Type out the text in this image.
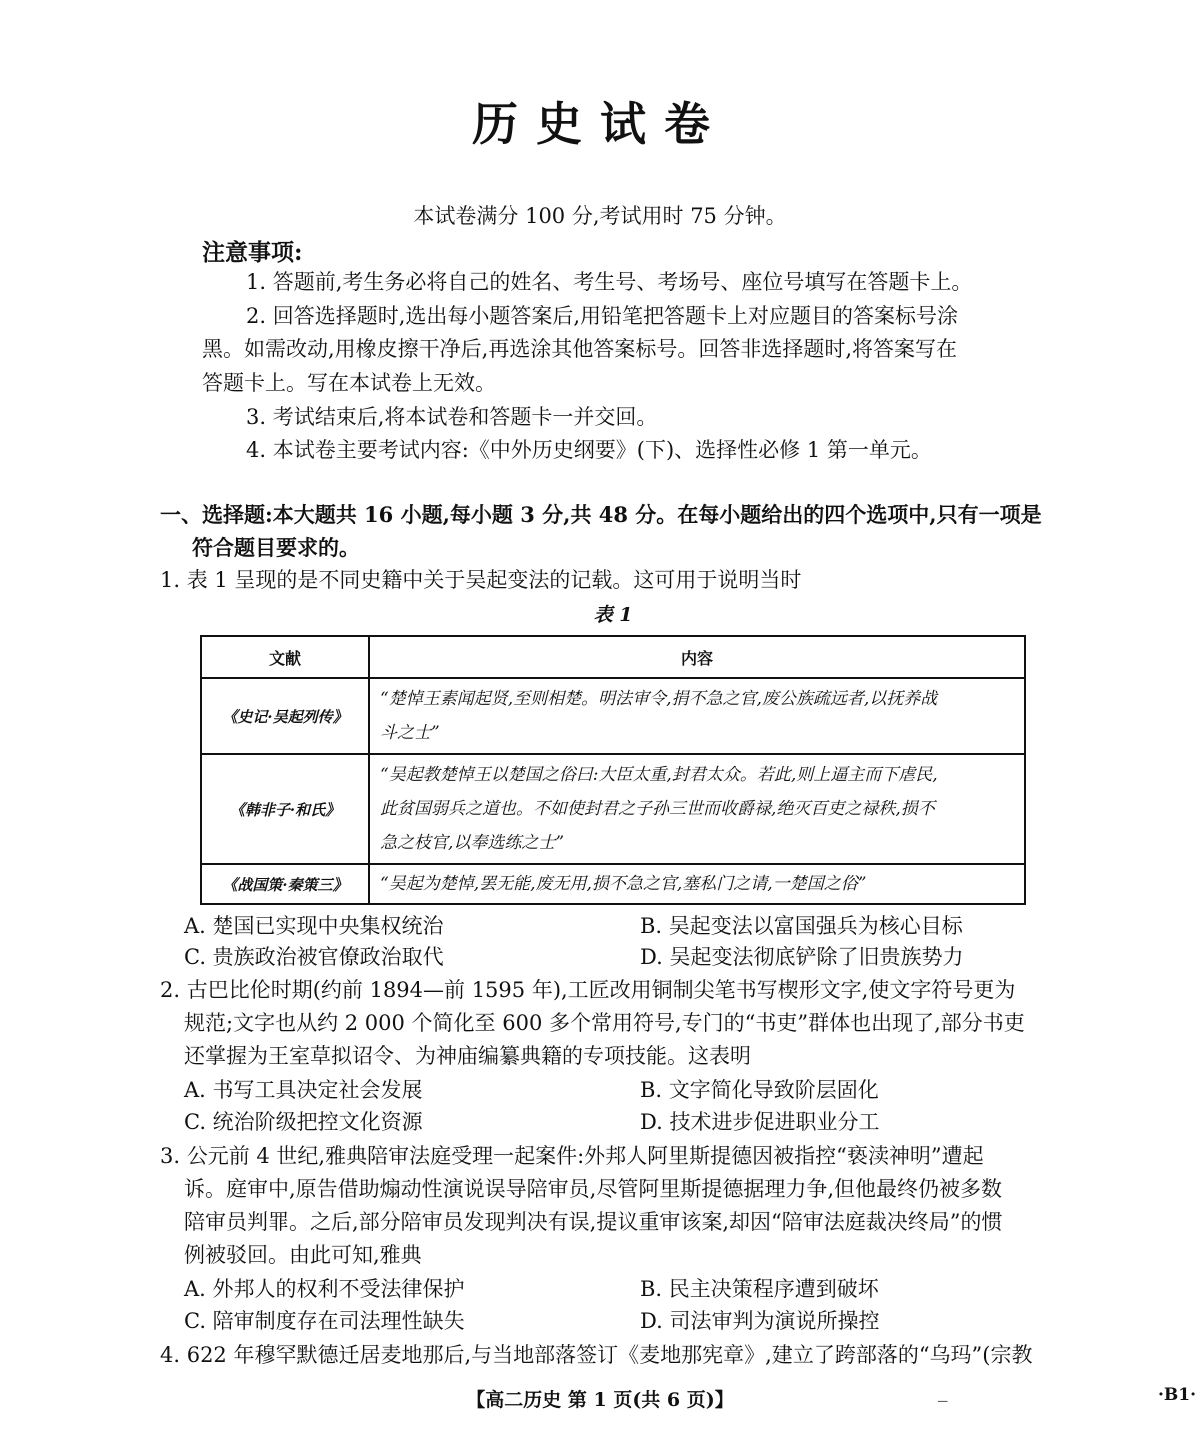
历史试卷
本试卷满分 100 分,考试用时 75 分钟。
注意事项:
1. 答题前,考生务必将自己的姓名、考生号、考场号、座位号填写在答题卡上。
2. 回答选择题时,选出每小题答案后,用铅笔把答题卡上对应题目的答案标号涂
黑。如需改动,用橡皮擦干净后,再选涂其他答案标号。回答非选择题时,将答案写在
答题卡上。写在本试卷上无效。
3. 考试结束后,将本试卷和答题卡一并交回。
4. 本试卷主要考试内容:《中外历史纲要》(下)、选择性必修 1 第一单元。
一、选择题:本大题共 16 小题,每小题 3 分,共 48 分。在每小题给出的四个选项中,只有一项是
符合题目要求的。
1. 表 1 呈现的是不同史籍中关于吴起变法的记载。这可用于说明当时
表 1
文献	内容
《史记·吴起列传》	“楚悼王素闻起贤,至则相楚。明法审令,捐不急之官,废公族疏远者,以抚养战
斗之士”

《韩非子·和氏》	“吴起教楚悼王以楚国之俗曰:大臣太重,封君太众。若此,则上逼主而下虐民,
此贫国弱兵之道也。不如使封君之子孙三世而收爵禄,绝灭百吏之禄秩,损不
急之枝官,以奉选练之士”

《战国策·秦策三》	“吴起为楚悼,罢无能,废无用,损不急之官,塞私门之请,一楚国之俗”
A. 楚国已实现中央集权统治	B. 吴起变法以富国强兵为核心目标
C. 贵族政治被官僚政治取代	D. 吴起变法彻底铲除了旧贵族势力
2. 古巴比伦时期(约前 1894—前 1595 年),工匠改用铜制尖笔书写楔形文字,使文字符号更为
规范;文字也从约 2 000 个简化至 600 多个常用符号,专门的“书吏”群体也出现了,部分书吏
还掌握为王室草拟诏令、为神庙编纂典籍的专项技能。这表明
A. 书写工具决定社会发展	B. 文字简化导致阶层固化
C. 统治阶级把控文化资源	D. 技术进步促进职业分工
3. 公元前 4 世纪,雅典陪审法庭受理一起案件:外邦人阿里斯提德因被指控“亵渎神明”遭起
诉。庭审中,原告借助煽动性演说误导陪审员,尽管阿里斯提德据理力争,但他最终仍被多数
陪审员判罪。之后,部分陪审员发现判决有误,提议重审该案,却因“陪审法庭裁决终局”的惯
例被驳回。由此可知,雅典
A. 外邦人的权利不受法律保护	B. 民主决策程序遭到破坏
C. 陪审制度存在司法理性缺失	D. 司法审判为演说所操控
4. 622 年穆罕默德迁居麦地那后,与当地部落签订《麦地那宪章》,建立了跨部落的“乌玛”(宗教
【高二历史 第 1 页(共 6 页)】	_	·B1·
